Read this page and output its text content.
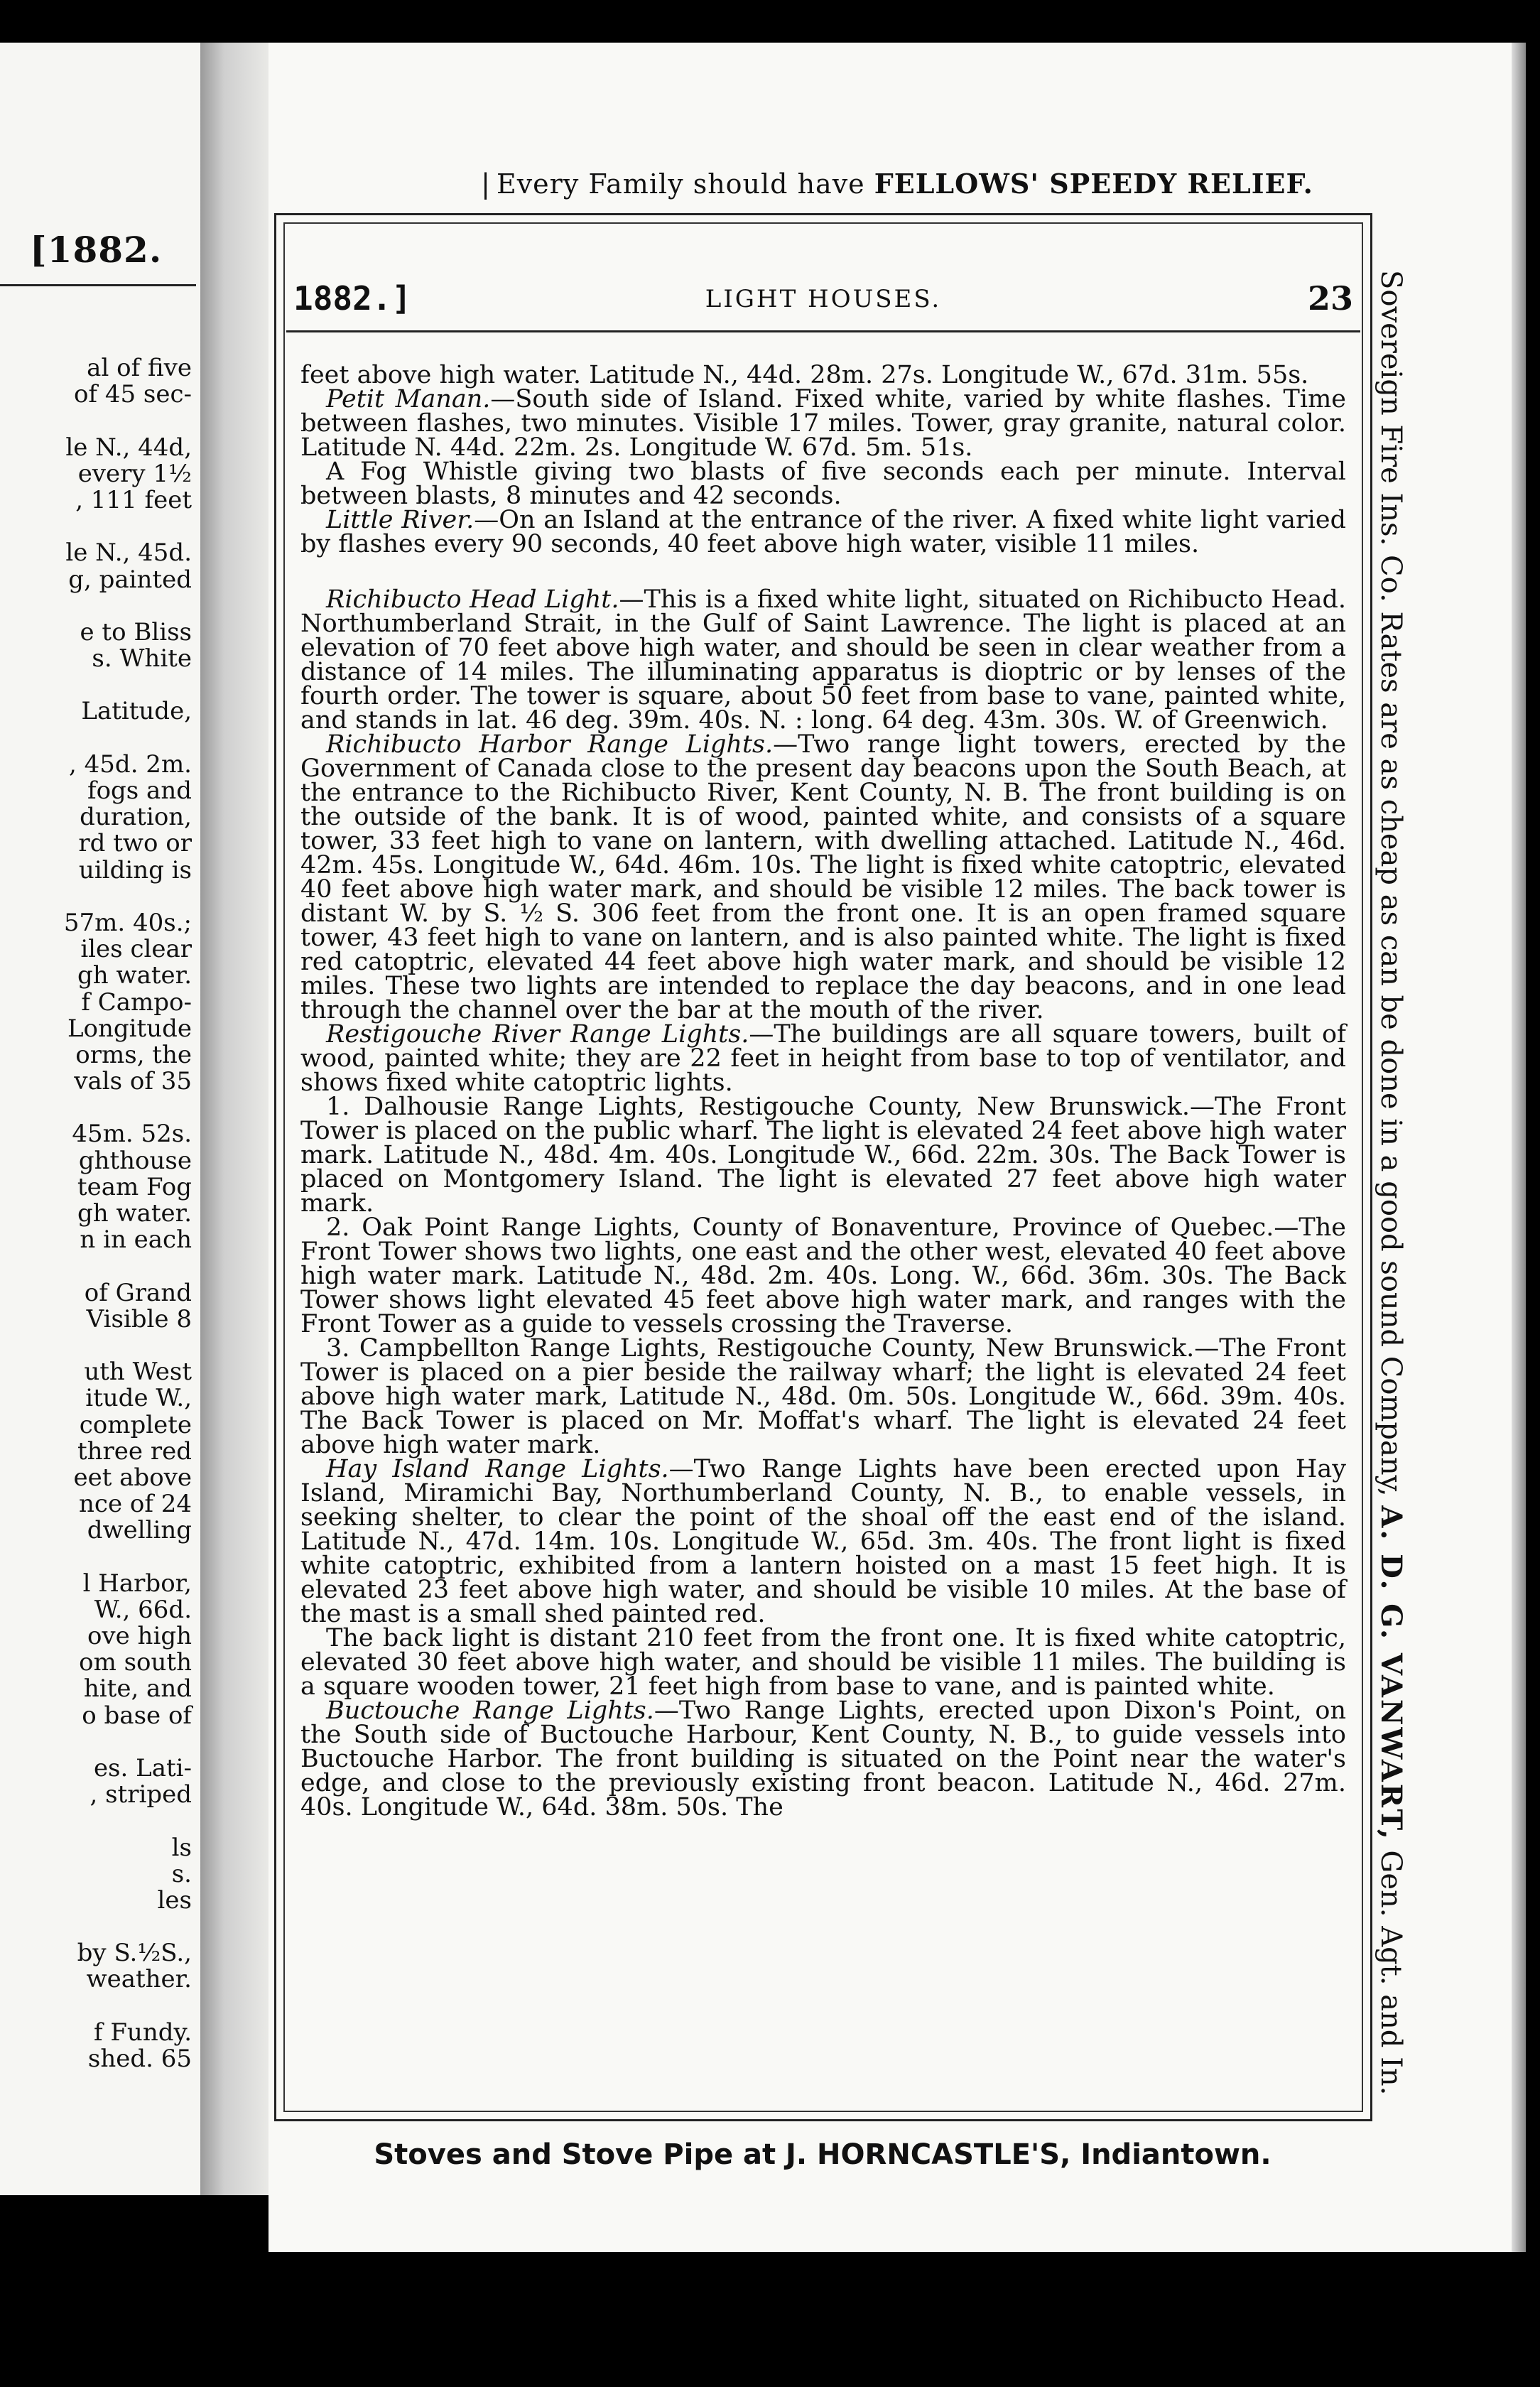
[1882.
al of five
of 45 sec-

le N., 44d,
every 1½
, 111 feet

le N., 45d.
g, painted

e to Bliss
s. White

Latitude,

, 45d. 2m.
fogs and
duration,
rd two or
uilding is

57m. 40s.;
iles clear
gh water.
f Campo-
Longitude
orms, the
vals of 35

45m. 52s.
ghthouse
team Fog
gh water.
n in each

of Grand
Visible 8

uth West
itude W.,
complete
three red
eet above
nce of 24
dwelling

l Harbor,
W., 66d.
ove high
om south
hite, and
o base of

es. Lati-
, striped

ls
s.
les

by S.½S.,
weather.

f Fundy.
shed. 65
| Every Family should have FELLOWS' SPEEDY RELIEF.
1882.]	LIGHT HOUSES.	23

feet above high water. Latitude N., 44d. 28m. 27s. Longitude W., 67d. 31m. 55s.

Petit Manan.—South side of Island. Fixed white, varied by white flashes. Time between flashes, two minutes. Visible 17 miles. Tower, gray granite, natural color. Latitude N. 44d. 22m. 2s. Longitude W. 67d. 5m. 51s.

A Fog Whistle giving two blasts of five seconds each per minute. Interval between blasts, 8 minutes and 42 seconds.

Little River.—On an Island at the entrance of the river. A fixed white light varied by flashes every 90 seconds, 40 feet above high water, visible 11 miles.

Richibucto Head Light.—This is a fixed white light, situated on Richibucto Head. Northumberland Strait, in the Gulf of Saint Lawrence. The light is placed at an elevation of 70 feet above high water, and should be seen in clear weather from a distance of 14 miles. The illuminating apparatus is dioptric or by lenses of the fourth order. The tower is square, about 50 feet from base to vane, painted white, and stands in lat. 46 deg. 39m. 40s. N. : long. 64 deg. 43m. 30s. W. of Greenwich.

Richibucto Harbor Range Lights.—Two range light towers, erected by the Government of Canada close to the present day beacons upon the South Beach, at the entrance to the Richibucto River, Kent County, N. B. The front building is on the outside of the bank. It is of wood, painted white, and consists of a square tower, 33 feet high to vane on lantern, with dwelling attached. Latitude N., 46d. 42m. 45s. Longitude W., 64d. 46m. 10s. The light is fixed white catoptric, elevated 40 feet above high water mark, and should be visible 12 miles. The back tower is distant W. by S. ½ S. 306 feet from the front one. It is an open framed square tower, 43 feet high to vane on lantern, and is also painted white. The light is fixed red catoptric, elevated 44 feet above high water mark, and should be visible 12 miles. These two lights are intended to replace the day beacons, and in one lead through the channel over the bar at the mouth of the river.

Restigouche River Range Lights.—The buildings are all square towers, built of wood, painted white; they are 22 feet in height from base to top of ventilator, and shows fixed white catoptric lights.

1. Dalhousie Range Lights, Restigouche County, New Brunswick.—The Front Tower is placed on the public wharf. The light is elevated 24 feet above high water mark. Latitude N., 48d. 4m. 40s. Longitude W., 66d. 22m. 30s. The Back Tower is placed on Montgomery Island. The light is elevated 27 feet above high water mark.

2. Oak Point Range Lights, County of Bonaventure, Province of Quebec.—The Front Tower shows two lights, one east and the other west, elevated 40 feet above high water mark. Latitude N., 48d. 2m. 40s. Long. W., 66d. 36m. 30s. The Back Tower shows light elevated 45 feet above high water mark, and ranges with the Front Tower as a guide to vessels crossing the Traverse.

3. Campbellton Range Lights, Restigouche County, New Brunswick.—The Front Tower is placed on a pier beside the railway wharf; the light is elevated 24 feet above high water mark, Latitude N., 48d. 0m. 50s. Longitude W., 66d. 39m. 40s. The Back Tower is placed on Mr. Moffat's wharf. The light is elevated 24 feet above high water mark.

Hay Island Range Lights.—Two Range Lights have been erected upon Hay Island, Miramichi Bay, Northumberland County, N. B., to enable vessels, in seeking shelter, to clear the point of the shoal off the east end of the island. Latitude N., 47d. 14m. 10s. Longitude W., 65d. 3m. 40s. The front light is fixed white catoptric, exhibited from a lantern hoisted on a mast 15 feet high. It is elevated 23 feet above high water, and should be visible 10 miles. At the base of the mast is a small shed painted red.

The back light is distant 210 feet from the front one. It is fixed white catoptric, elevated 30 feet above high water, and should be visible 11 miles. The building is a square wooden tower, 21 feet high from base to vane, and is painted white.

Buctouche Range Lights.—Two Range Lights, erected upon Dixon's Point, on the South side of Buctouche Harbour, Kent County, N. B., to guide vessels into Buctouche Harbor. The front building is situated on the Point near the water's edge, and close to the previously existing front beacon. Latitude N., 46d. 27m. 40s. Longitude W., 64d. 38m. 50s. The

Sovereign Fire Ins. Co. Rates are as cheap as can be done in a good sound Company, A. D. G. VANWART, Gen. Agt. and In.
Stoves and Stove Pipe at J. HORNCASTLE'S, Indiantown.
